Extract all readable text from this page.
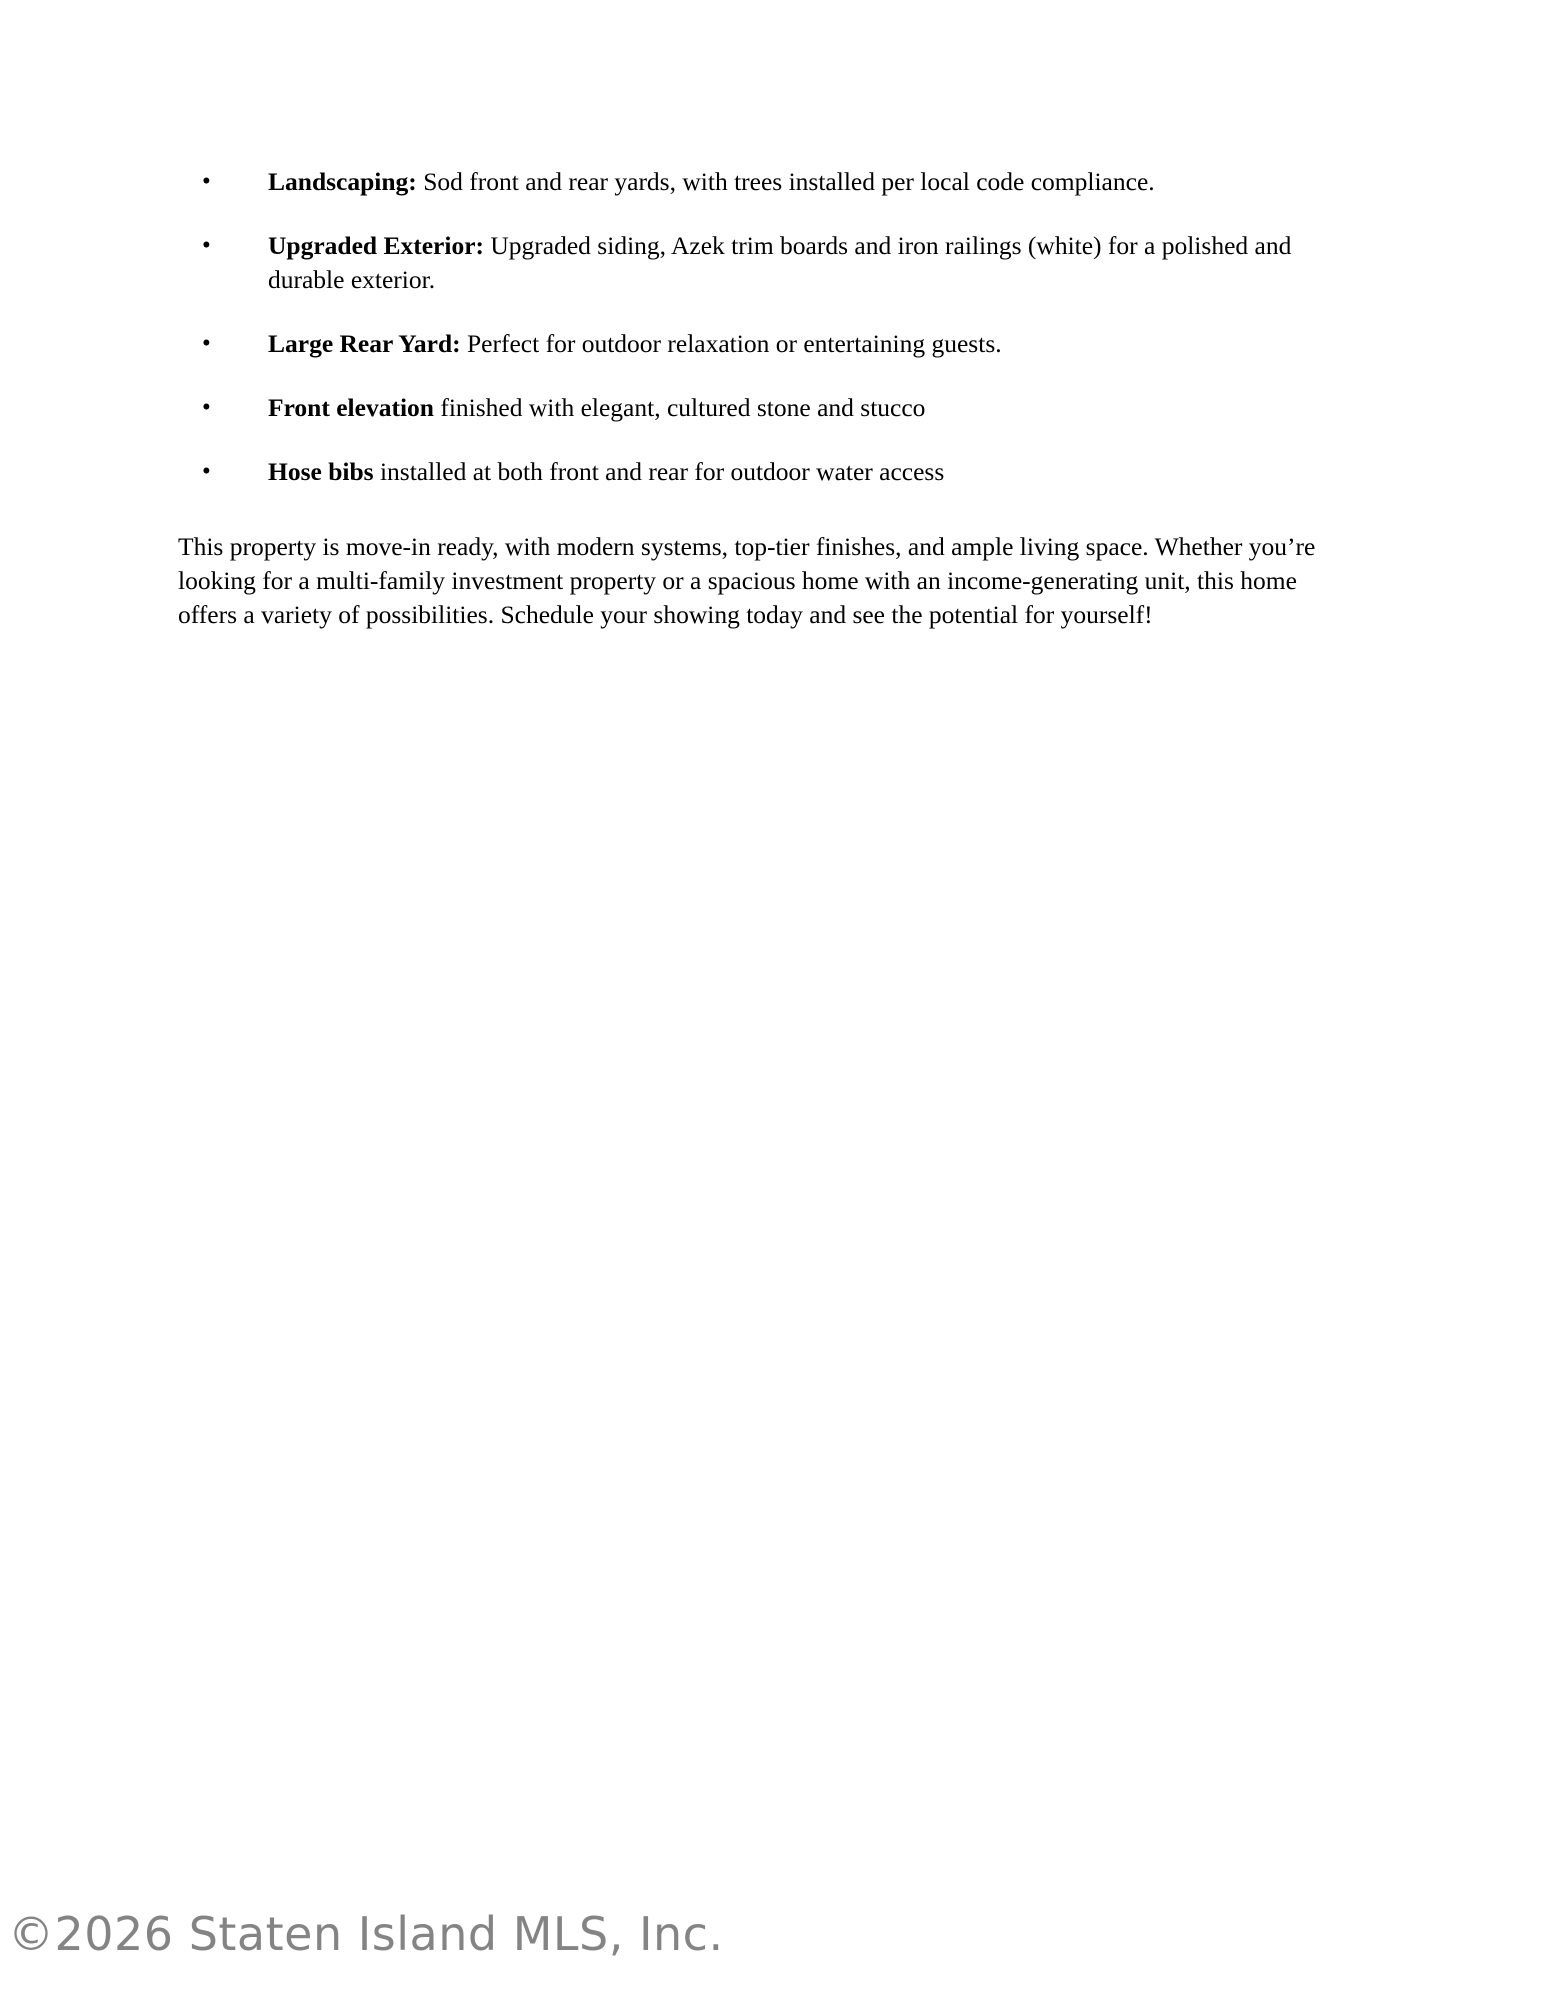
• Landscaping: Sod front and rear yards, with trees installed per local code compliance.
• Upgraded Exterior: Upgraded siding, Azek trim boards and iron railings (white) for a polished and durable exterior.
• Large Rear Yard: Perfect for outdoor relaxation or entertaining guests.
• Front elevation finished with elegant, cultured stone and stucco
• Hose bibs installed at both front and rear for outdoor water access

This property is move-in ready, with modern systems, top-tier finishes, and ample living space. Whether you’re looking for a multi-family investment property or a spacious home with an income-generating unit, this home offers a variety of possibilities. Schedule your showing today and see the potential for yourself!

©2026 Staten Island MLS, Inc.
